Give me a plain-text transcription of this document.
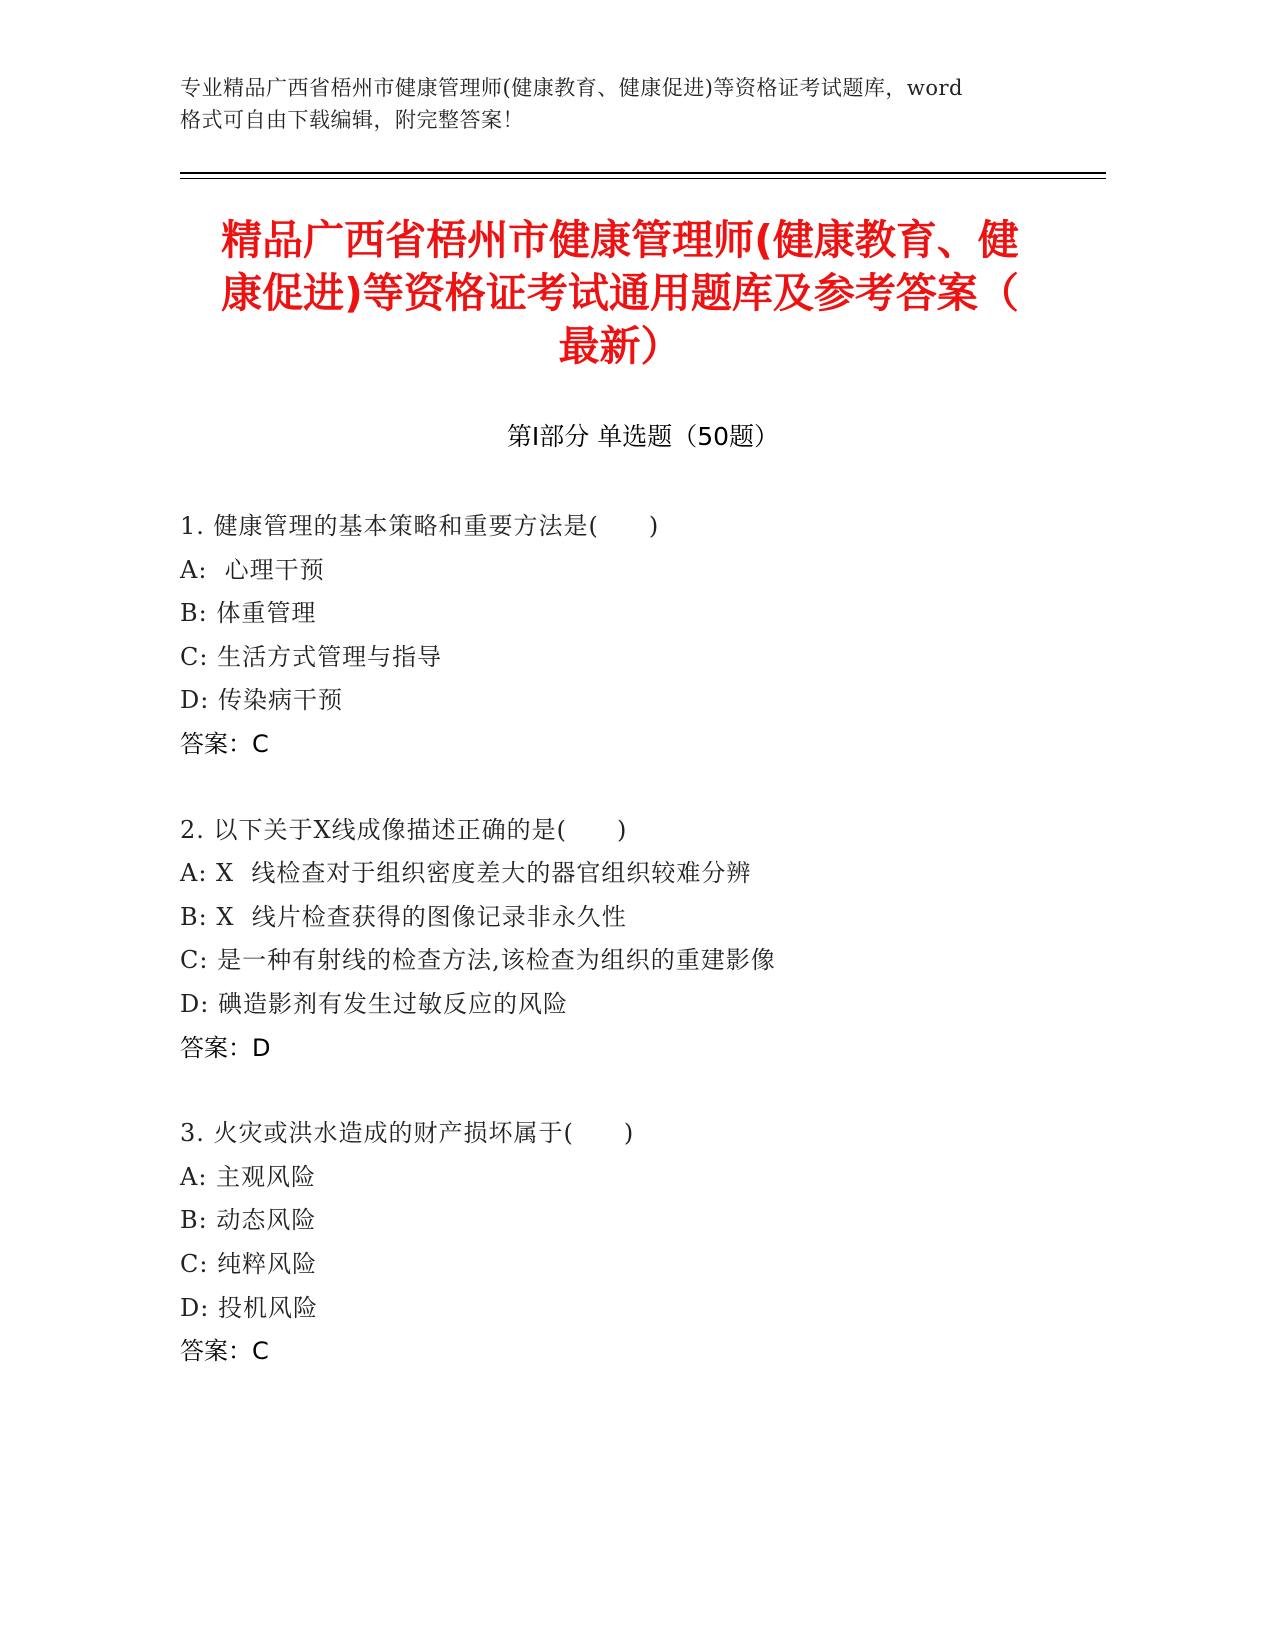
专业精品广西省梧州市健康管理师(健康教育、健康促进)等资格证考试题库，word
格式可自由下载编辑，附完整答案！
精品广西省梧州市健康管理师(健康教育、健
康促进)等资格证考试通用题库及参考答案（
最新）
第Ⅰ部分 单选题（50题）
1. 健康管理的基本策略和重要方法是(　　)
A:  心理干预
B: 体重管理
C: 生活方式管理与指导
D: 传染病干预
答案：C
2. 以下关于X线成像描述正确的是(　　)
A: X  线检查对于组织密度差大的器官组织较难分辨
B: X  线片检查获得的图像记录非永久性
C: 是一种有射线的检查方法,该检查为组织的重建影像
D: 碘造影剂有发生过敏反应的风险
答案：D
3. 火灾或洪水造成的财产损坏属于(　　)
A: 主观风险
B: 动态风险
C: 纯粹风险
D: 投机风险
答案：C
